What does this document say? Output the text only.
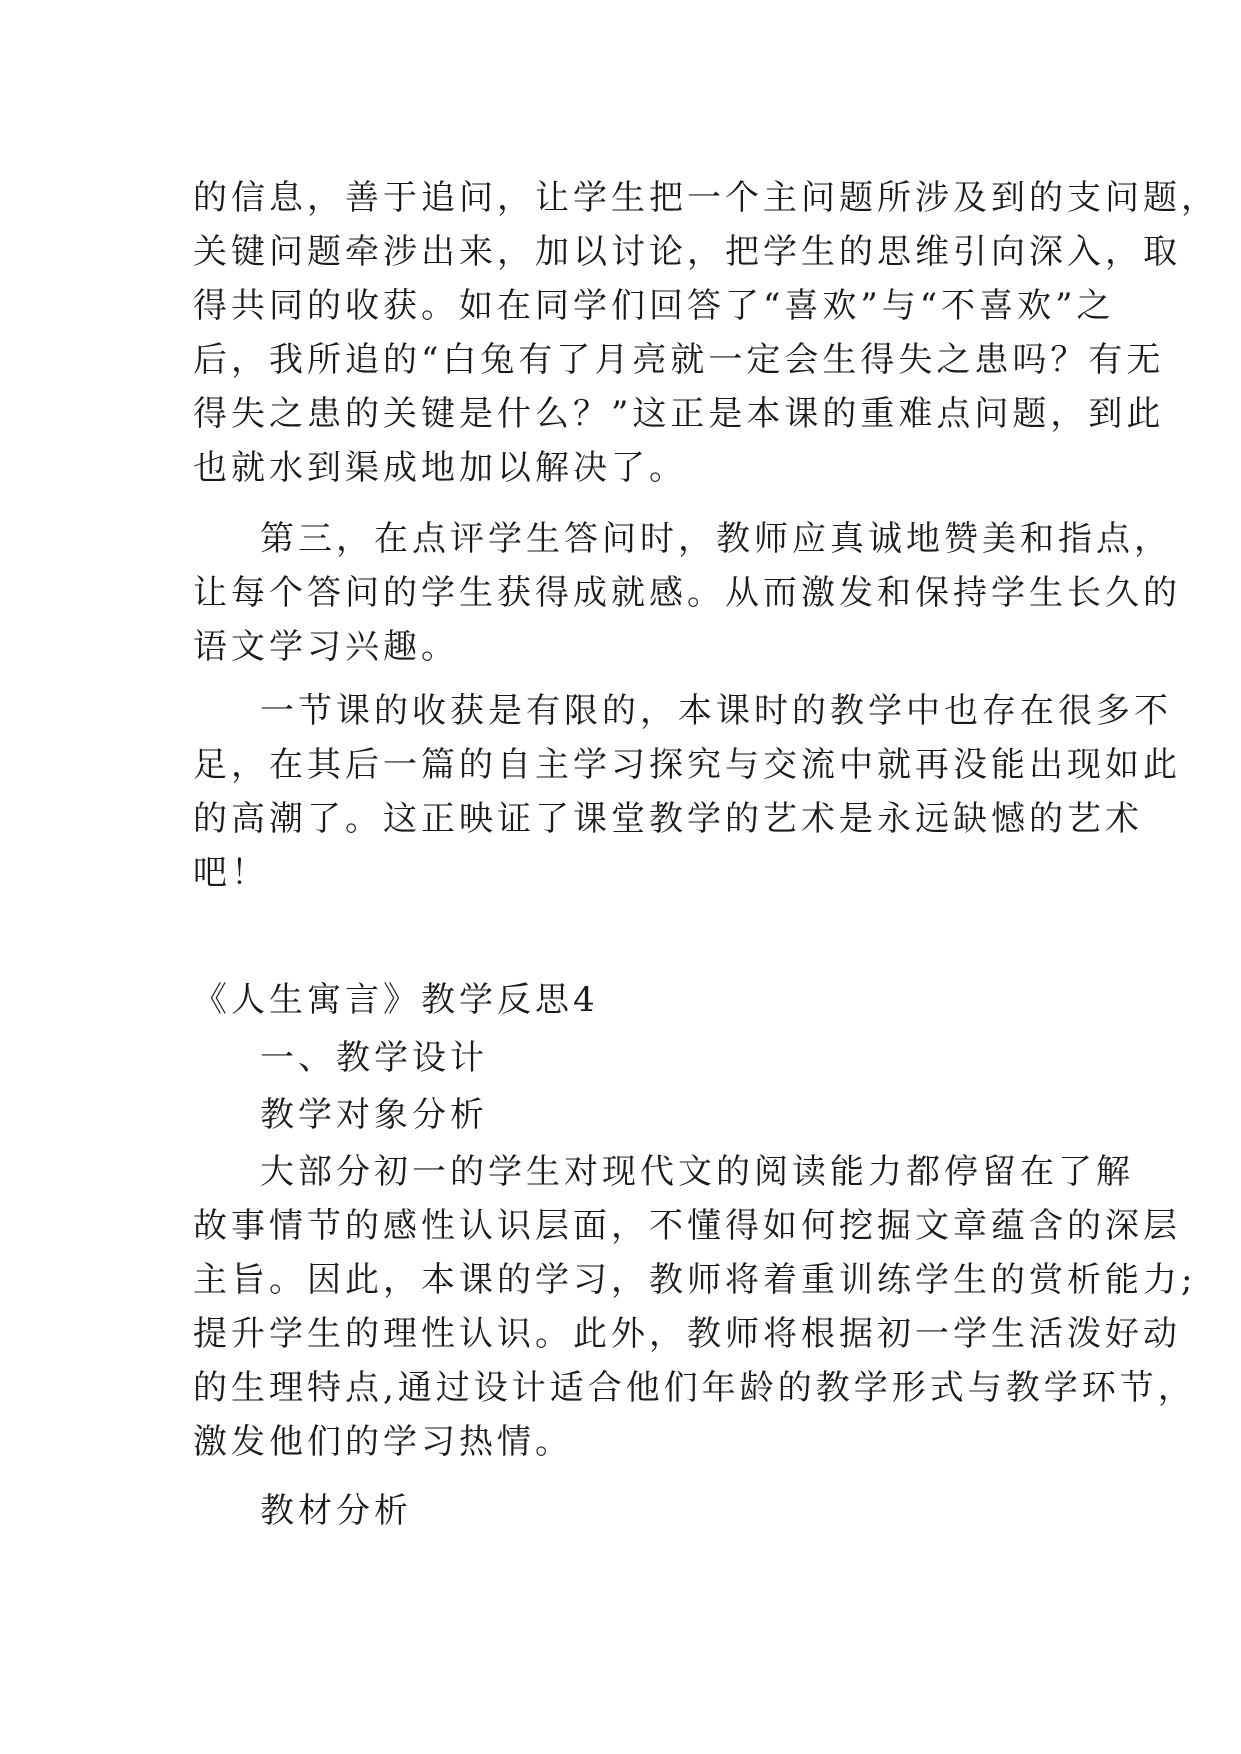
的信息，善于追问，让学生把一个主问题所涉及到的支问题，
关键问题牵涉出来，加以讨论，把学生的思维引向深入，取
得共同的收获。如在同学们回答了“喜欢”与“不喜欢”之
后，我所追的“白兔有了月亮就一定会生得失之患吗？有无
得失之患的关键是什么？”这正是本课的重难点问题，到此
也就水到渠成地加以解决了。
第三，在点评学生答问时，教师应真诚地赞美和指点，
让每个答问的学生获得成就感。从而激发和保持学生长久的
语文学习兴趣。
一节课的收获是有限的，本课时的教学中也存在很多不
足，在其后一篇的自主学习探究与交流中就再没能出现如此
的高潮了。这正映证了课堂教学的艺术是永远缺憾的艺术
吧！
《人生寓言》教学反思4
一、教学设计
教学对象分析
大部分初一的学生对现代文的阅读能力都停留在了解
故事情节的感性认识层面，不懂得如何挖掘文章蕴含的深层
主旨。因此，本课的学习，教师将着重训练学生的赏析能力;
提升学生的理性认识。此外，教师将根据初一学生活泼好动
的生理特点,通过设计适合他们年龄的教学形式与教学环节，
激发他们的学习热情。
教材分析
